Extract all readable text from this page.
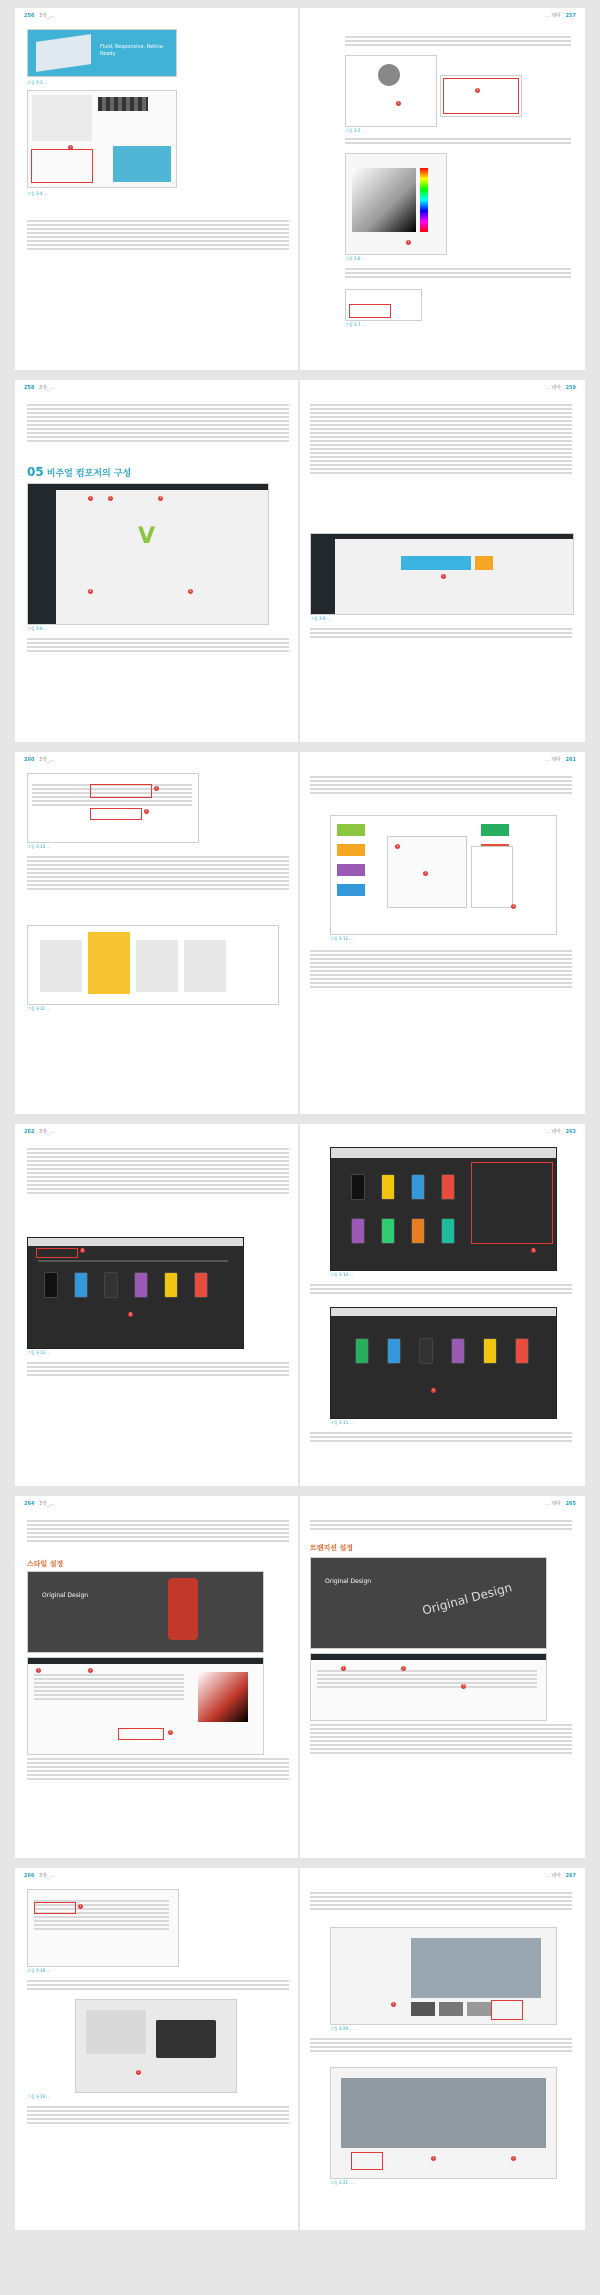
256 3장_...
Fluid, Responsive, Retina-Ready
그림 3-3 ...
1
그림 3-4 ...
... 테마 257
1
2
그림 3-5 ...
1
그림 3-6 ...
그림 3-7 ...
258 3장_...
05 비주얼 컴포저의 구성
V
1	2	3
4	5
그림 3-8 ...
... 테마 259
1
그림 3-9 ...
260 3장_...
1
2
그림 3-10 ...
그림 3-11 ...
... 테마 261
1
2
3
그림 3-12 ...
262 3장_...
1
2
그림 3-13 ...
... 테마 263
1
그림 3-14 ...
1
그림 3-15 ...
264 3장_...
스타일 설정
Original Design
1	2
3
... 테마 265
트랜지션 설정
Original Design	Original Design
1	2
3
266 3장_...
1
그림 3-18 ...
1
그림 3-19 ...
... 테마 267
1
그림 3-20 ...
1	2
그림 3-21 ...
